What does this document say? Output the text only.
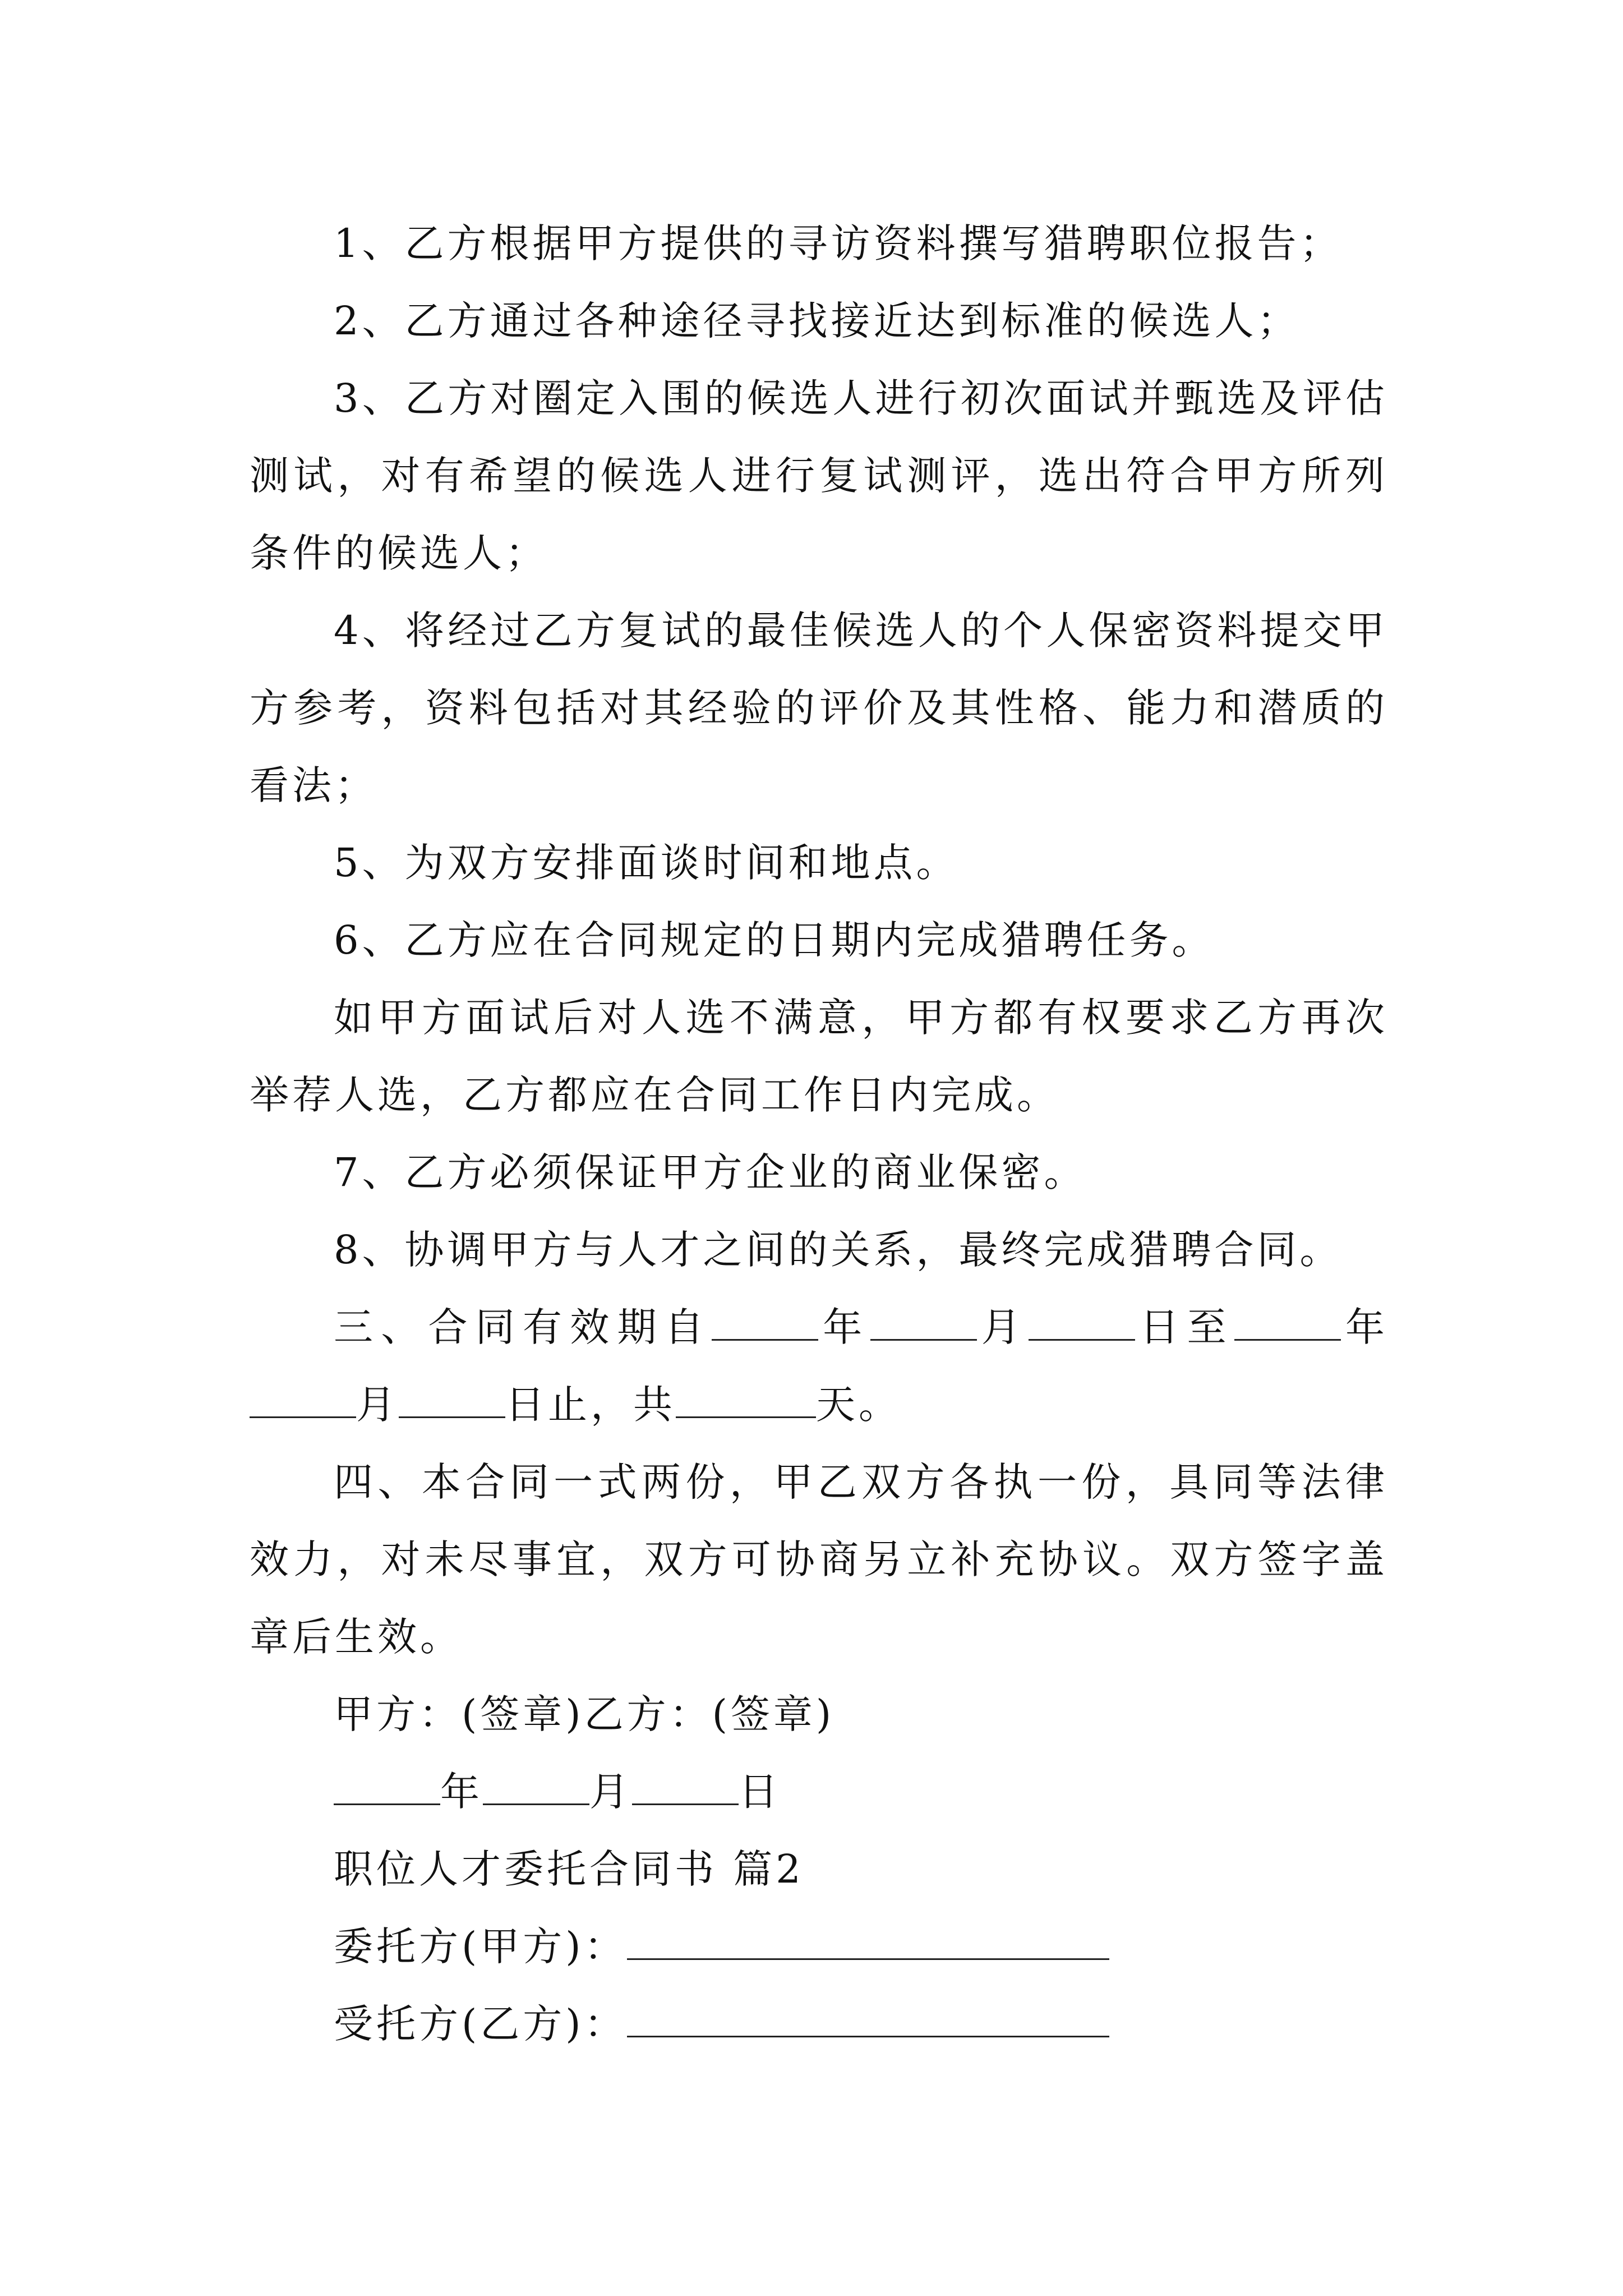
1、乙方根据甲方提供的寻访资料撰写猎聘职位报告；

2、乙方通过各种途径寻找接近达到标准的候选人；

3、乙方对圈定入围的候选人进行初次面试并甄选及评估测试，对有希望的候选人进行复试测评，选出符合甲方所列条件的候选人；

4、将经过乙方复试的最佳候选人的个人保密资料提交甲方参考，资料包括对其经验的评价及其性格、能力和潜质的看法；

5、为双方安排面谈时间和地点。

6、乙方应在合同规定的日期内完成猎聘任务。

如甲方面试后对人选不满意，甲方都有权要求乙方再次举荐人选，乙方都应在合同工作日内完成。

7、乙方必须保证甲方企业的商业保密。

8、协调甲方与人才之间的关系，最终完成猎聘合同。

三、合同有效期自	年	月	日至	年月	日止，共	天。

四、本合同一式两份，甲乙双方各执一份，具同等法律效力，对未尽事宜，双方可协商另立补充协议。双方签字盖章后生效。

甲方：(签章)乙方：(签章)

年	月	日

职位人才委托合同书 篇2

委托方(甲方)：

受托方(乙方)：
